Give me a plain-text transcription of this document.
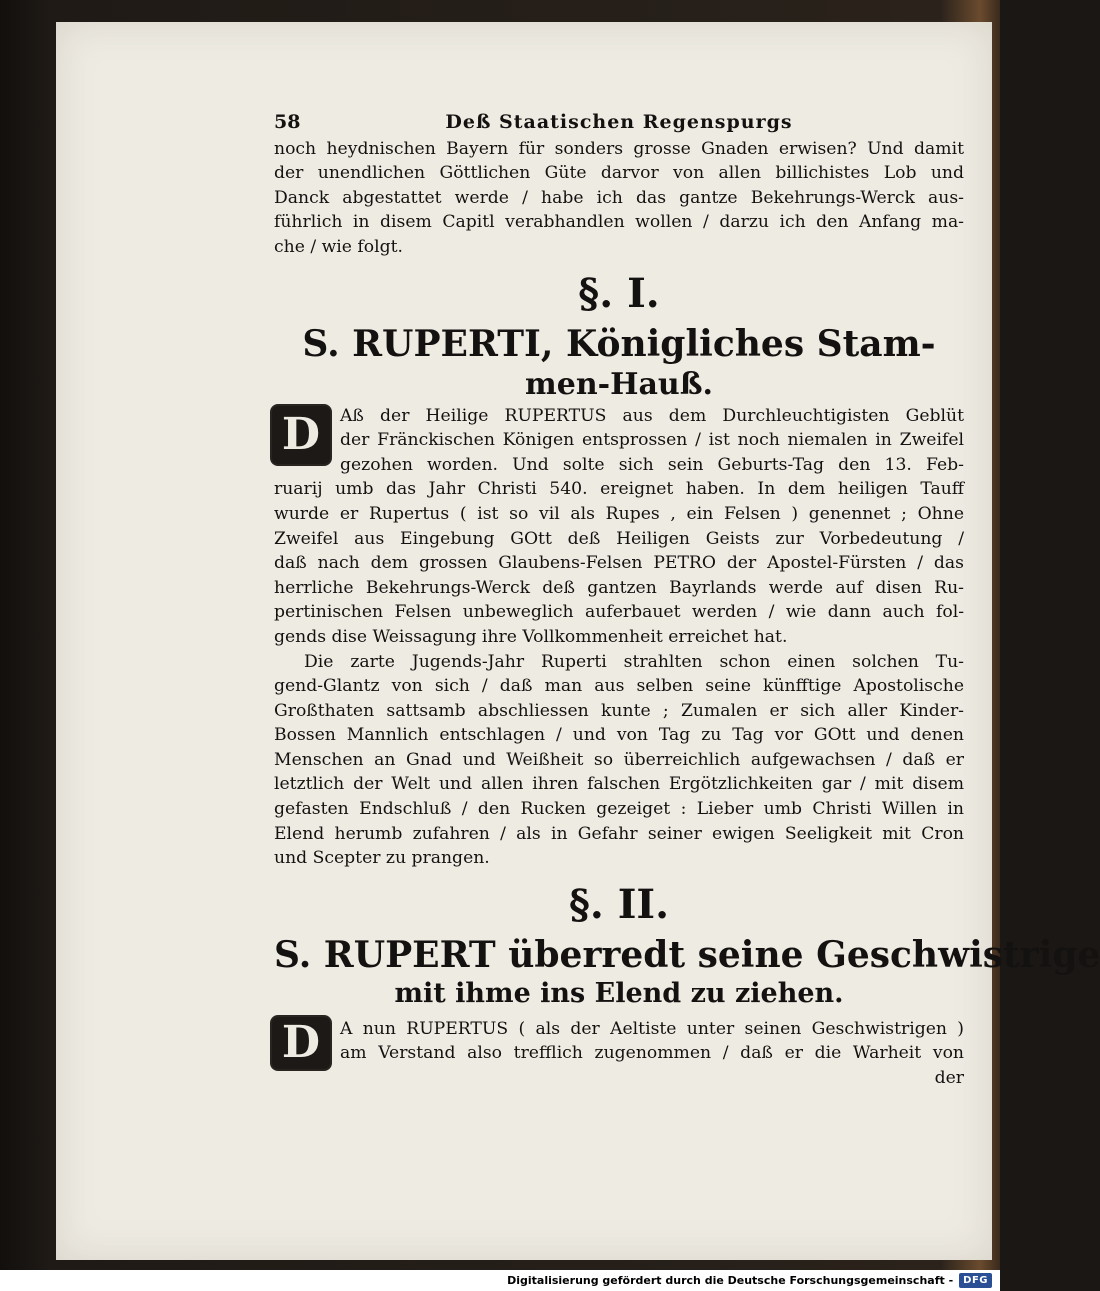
58	Deß Staatischen Regenspurgs
noch heydnischen Bayern für sonders grosse Gnaden erwisen? Und damit
der unendlichen Göttlichen Güte darvor von allen billichistes Lob und
Danck abgestattet werde / habe ich das gantze Bekehrungs-Werck aus-
führlich in disem Capitl verabhandlen wollen / darzu ich den Anfang ma-
che / wie folgt.
§. I.
S. RUPERTI, Königliches Stam-
men-Hauß.
D	Aß der Heilige RUPERTUS aus dem Durchleuchtigisten Geblüt
der Fränckischen Königen entsprossen / ist noch niemalen in Zweifel
gezohen worden. Und solte sich sein Geburts-Tag den 13. Feb-
ruarij umb das Jahr Christi 540. ereignet haben. In dem heiligen Tauff
wurde er Rupertus ( ist so vil als Rupes , ein Felsen ) genennet ; Ohne
Zweifel aus Eingebung GOtt deß Heiligen Geists zur Vorbedeutung /
daß nach dem grossen Glaubens-Felsen PETRO der Apostel-Fürsten / das
herrliche Bekehrungs-Werck deß gantzen Bayrlands werde auf disen Ru-
pertinischen Felsen unbeweglich auferbauet werden / wie dann auch fol-
gends dise Weissagung ihre Vollkommenheit erreichet hat.
Die zarte Jugends-Jahr Ruperti strahlten schon einen solchen Tu-
gend-Glantz von sich / daß man aus selben seine künfftige Apostolische
Großthaten sattsamb abschliessen kunte ; Zumalen er sich aller Kinder-
Bossen Mannlich entschlagen / und von Tag zu Tag vor GOtt und denen
Menschen an Gnad und Weißheit so überreichlich aufgewachsen / daß er
letztlich der Welt und allen ihren falschen Ergötzlichkeiten gar / mit disem
gefasten Endschluß / den Rucken gezeiget : Lieber umb Christi Willen in
Elend herumb zufahren / als in Gefahr seiner ewigen Seeligkeit mit Cron
und Scepter zu prangen.
§. II.
S. RUPERT überredt seine Geschwistrige
mit ihme ins Elend zu ziehen.
D	A nun RUPERTUS ( als der Aeltiste unter seinen Geschwistrigen )
am Verstand also trefflich zugenommen / daß er die Warheit von
der
Digitalisierung gefördert durch die Deutsche Forschungsgemeinschaft -	DFG
